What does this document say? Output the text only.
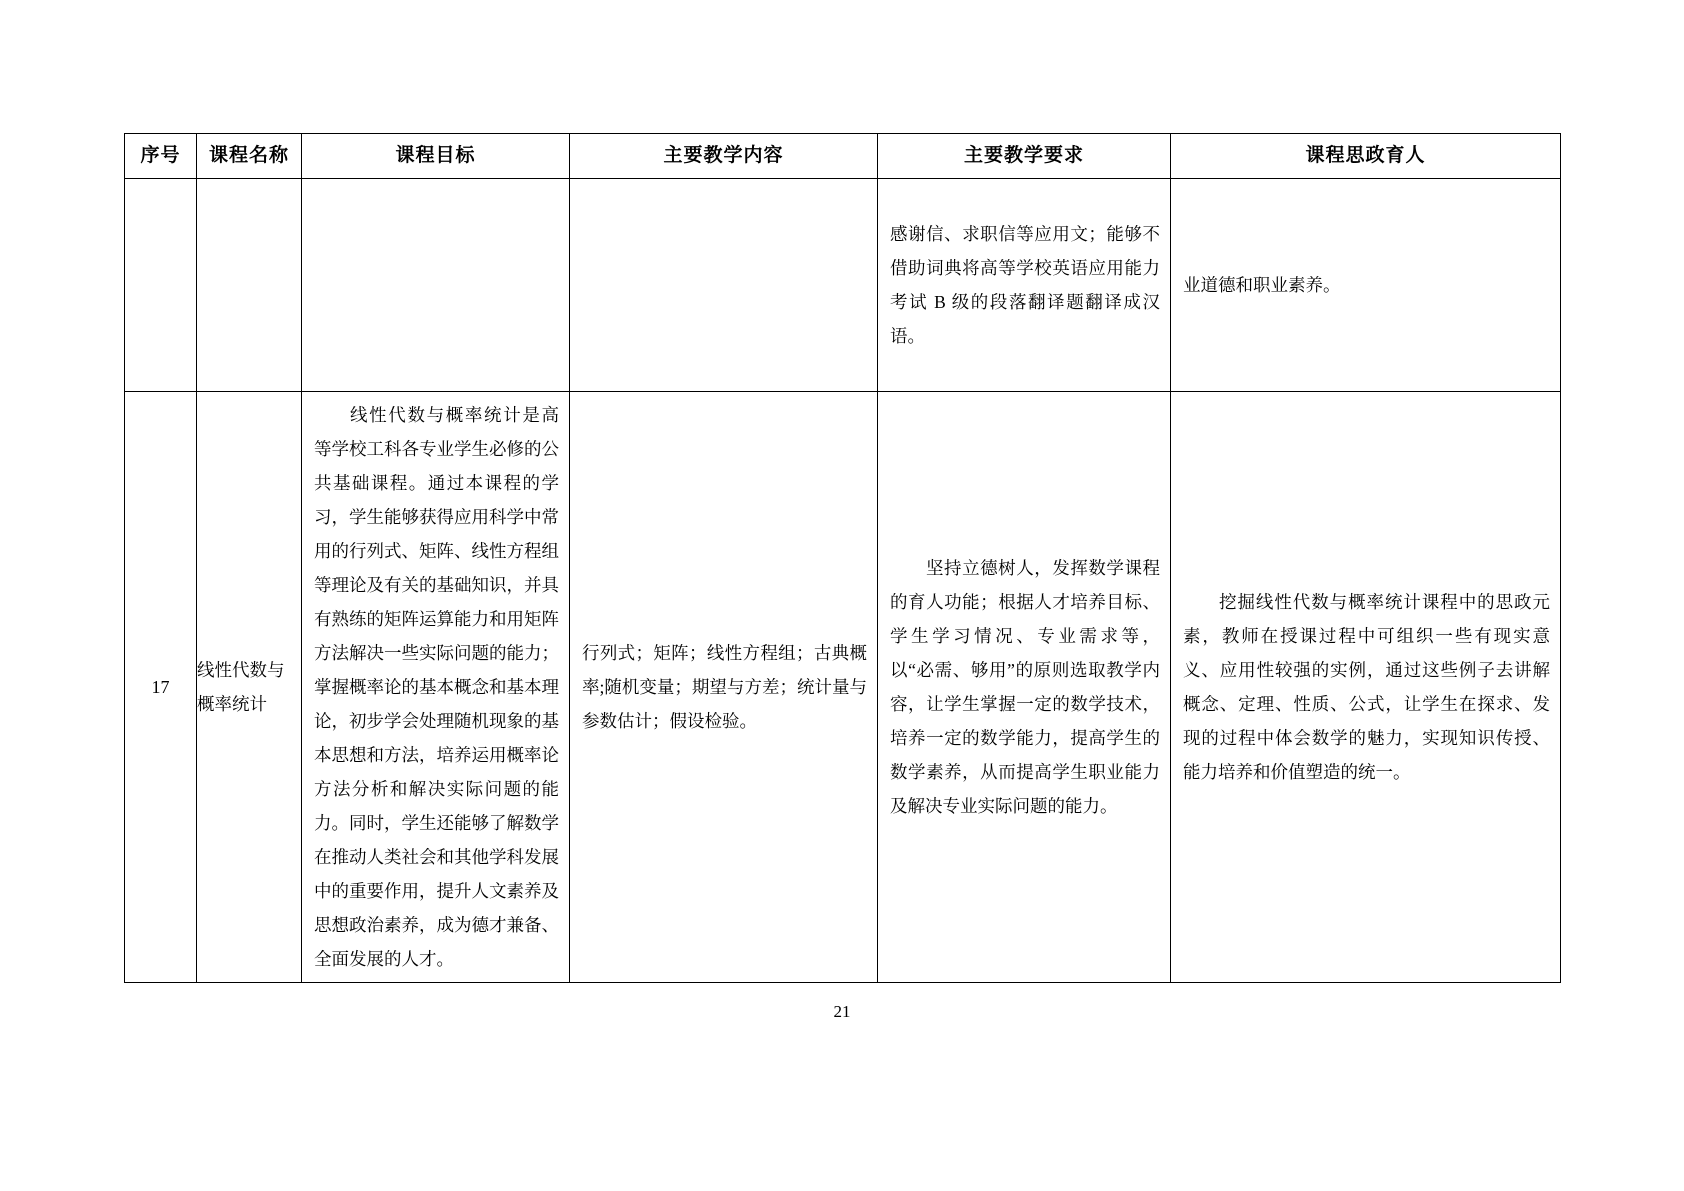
序号	课程名称	课程目标	主要教学内容	主要教学要求	课程思政育人

				感谢信、求职信等应用文；能够不借助词典将高等学校英语应用能力考试 B 级的段落翻译题翻译成汉语。	业道德和职业素养。

17	线性代数与概率统计	线性代数与概率统计是高等学校工科各专业学生必修的公共基础课程。通过本课程的学习，学生能够获得应用科学中常用的行列式、矩阵、线性方程组等理论及有关的基础知识，并具有熟练的矩阵运算能力和用矩阵方法解决一些实际问题的能力；掌握概率论的基本概念和基本理论，初步学会处理随机现象的基本思想和方法，培养运用概率论方法分析和解决实际问题的能力。同时，学生还能够了解数学在推动人类社会和其他学科发展中的重要作用，提升人文素养及思想政治素养，成为德才兼备、全面发展的人才。	行列式；矩阵；线性方程组；古典概率;随机变量；期望与方差；统计量与参数估计；假设检验。	坚持立德树人，发挥数学课程的育人功能；根据人才培养目标、学生学习情况、专业需求等，以“必需、够用”的原则选取教学内容，让学生掌握一定的数学技术，培养一定的数学能力，提高学生的数学素养，从而提高学生职业能力及解决专业实际问题的能力。	挖掘线性代数与概率统计课程中的思政元素，教师在授课过程中可组织一些有现实意义、应用性较强的实例，通过这些例子去讲解概念、定理、性质、公式，让学生在探求、发现的过程中体会数学的魅力，实现知识传授、能力培养和价值塑造的统一。
21
